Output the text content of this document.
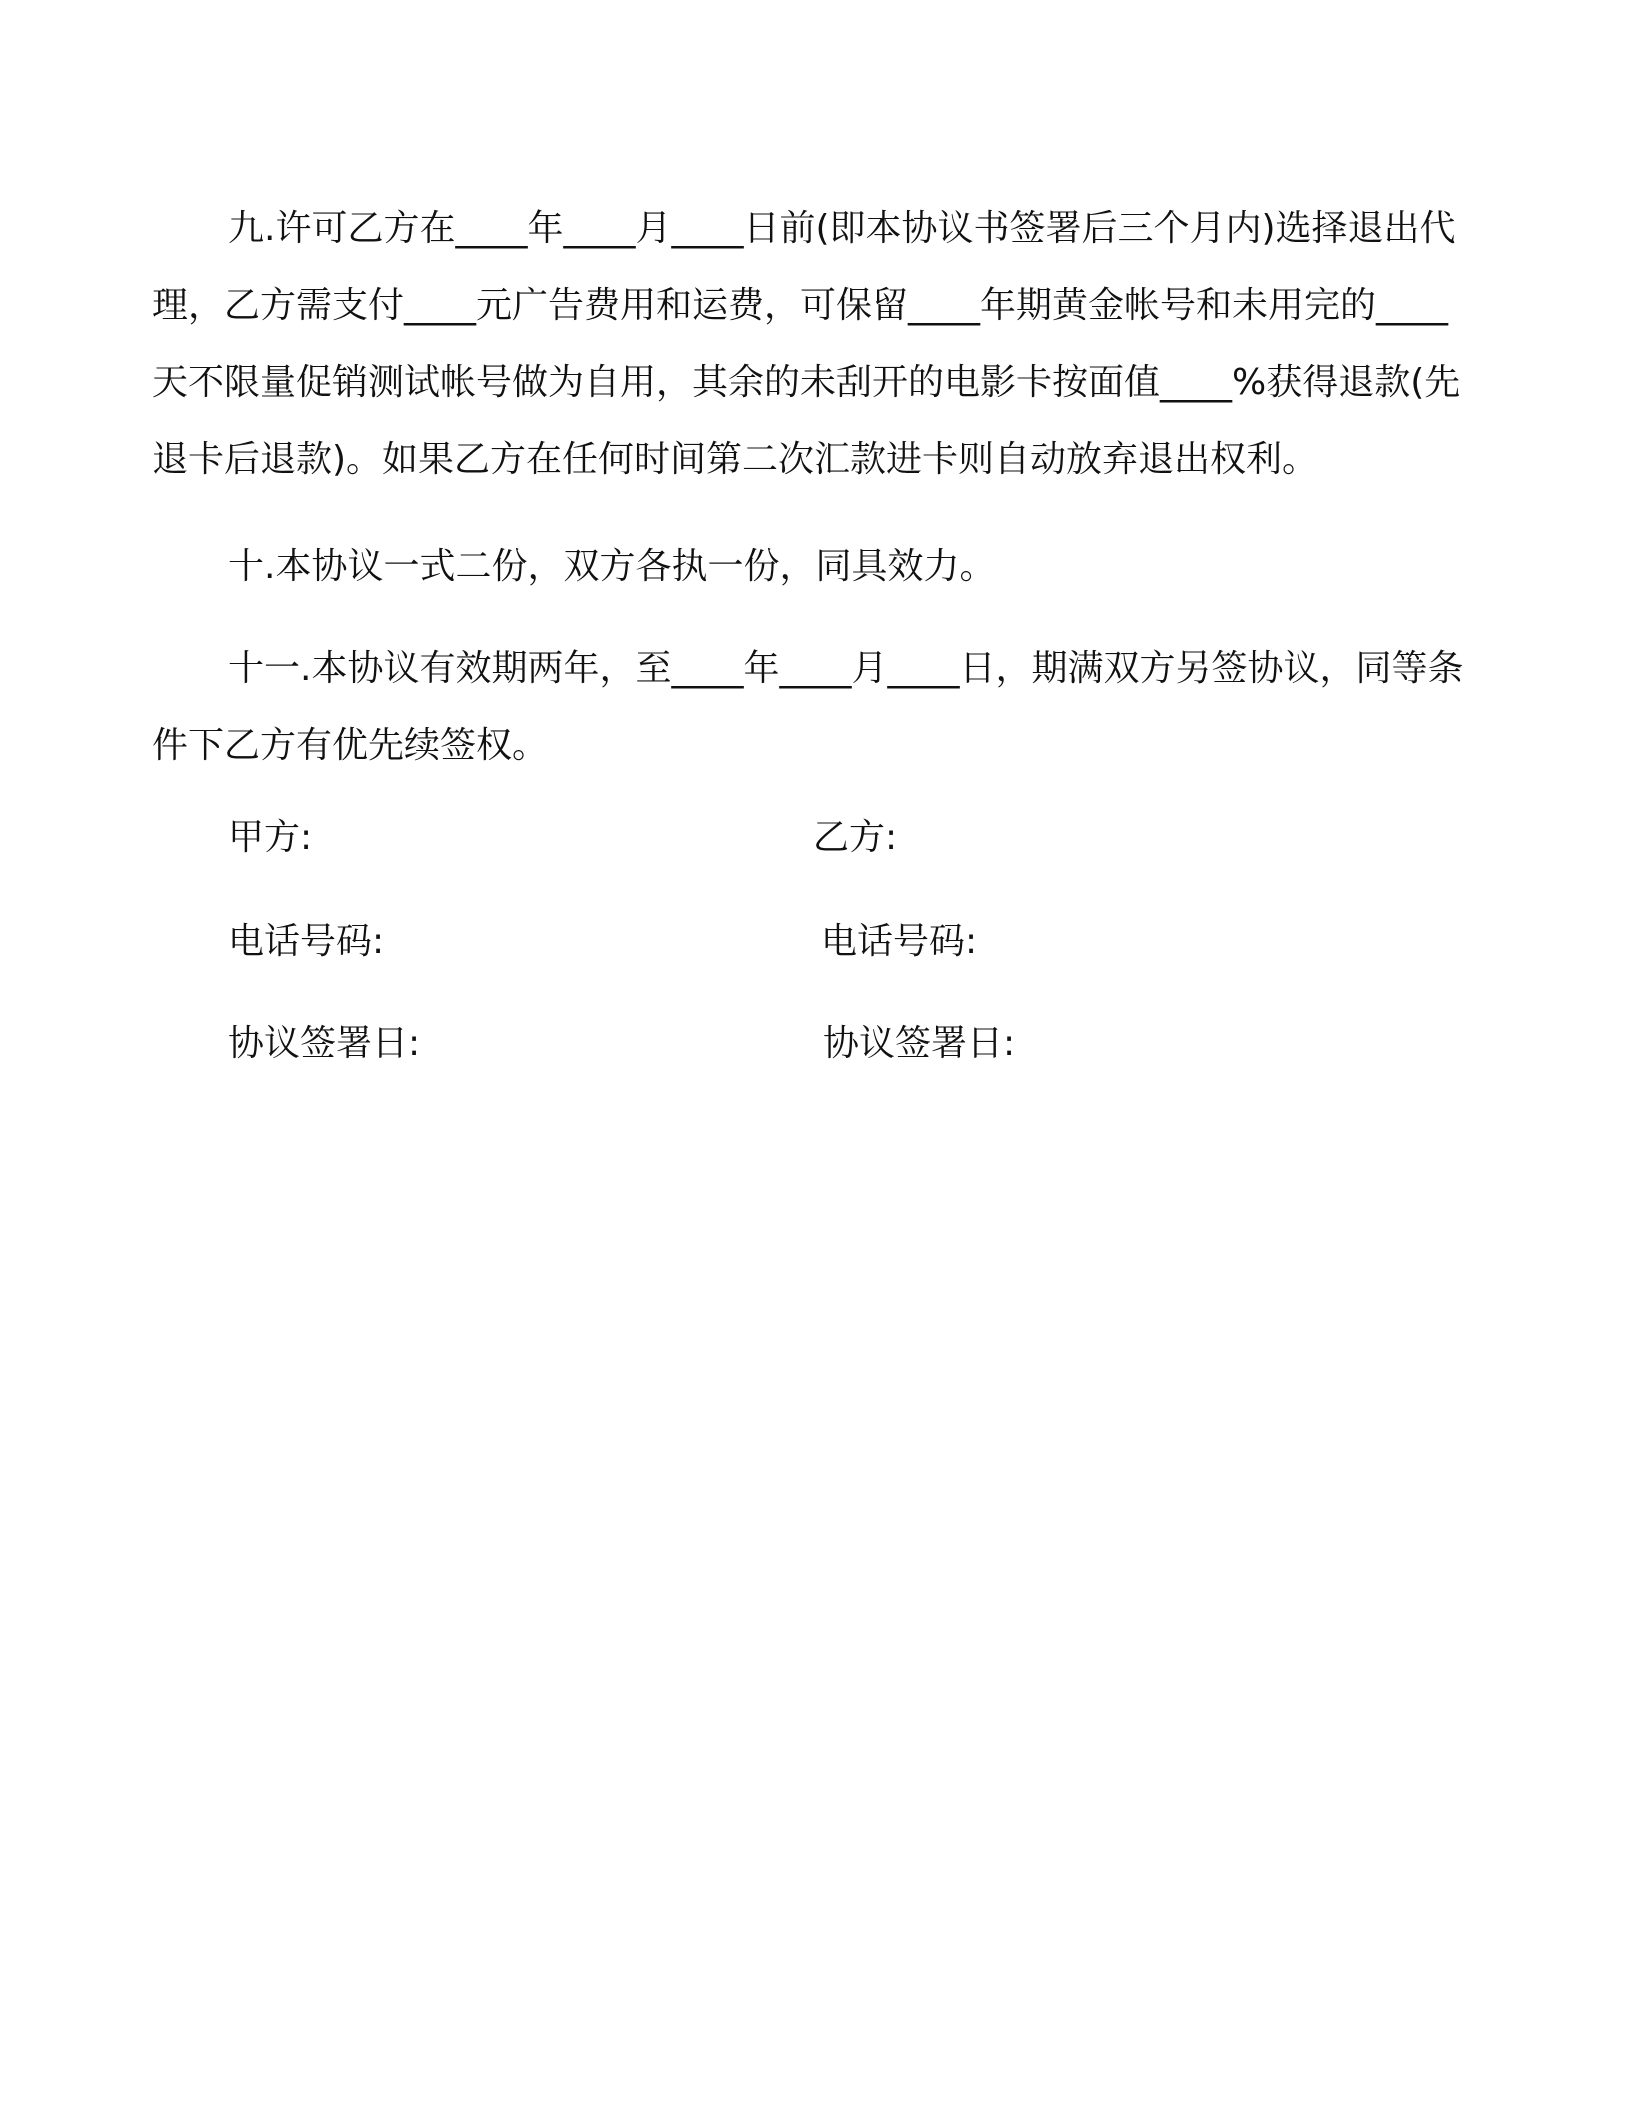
九.许可乙方在____年____月____日前(即本协议书签署后三个月内)选择退出代理，乙方需支付____元广告费用和运费，可保留____年期黄金帐号和未用完的____天不限量促销测试帐号做为自用，其余的未刮开的电影卡按面值____%获得退款(先退卡后退款)。如果乙方在任何时间第二次汇款进卡则自动放弃退出权利。

十.本协议一式二份，双方各执一份，同具效力。

十一.本协议有效期两年，至____年____月____日，期满双方另签协议，同等条件下乙方有优先续签权。

甲方:	乙方:
电话号码:	电话号码:
协议签署日:	协议签署日:
